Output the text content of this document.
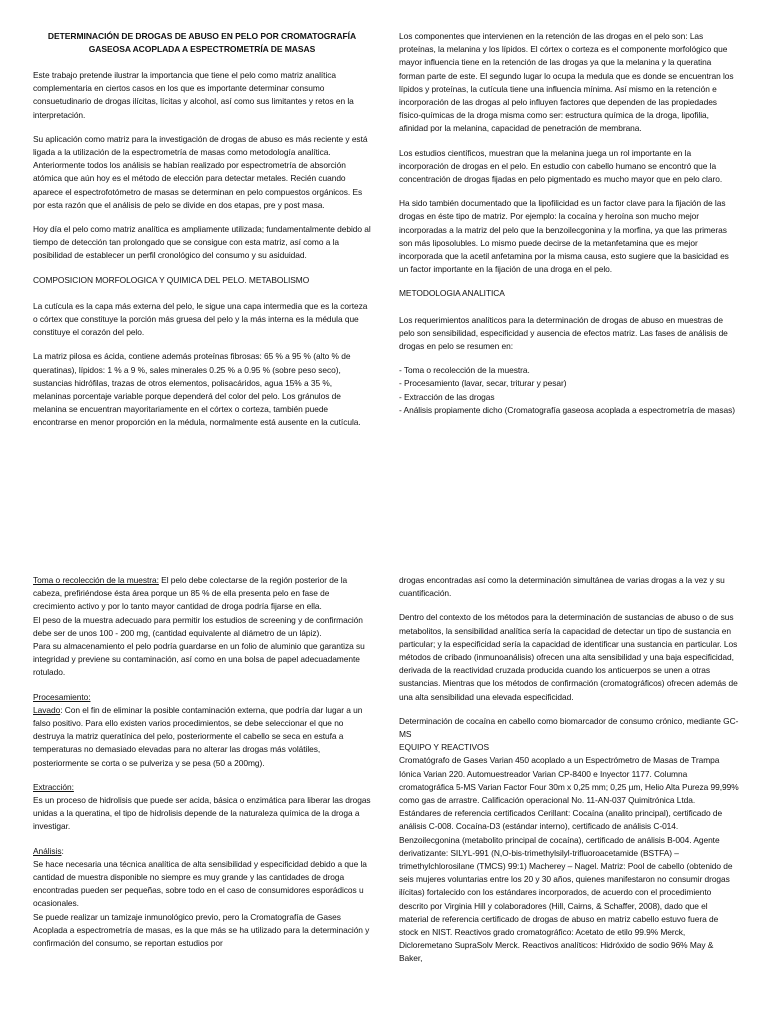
DETERMINACIÓN DE DROGAS DE ABUSO EN PELO POR CROMATOGRAFÍA GASEOSA ACOPLADA A ESPECTROMETRÍA DE MASAS

Este trabajo pretende ilustrar la importancia que tiene el pelo como matriz analítica complementaria en ciertos casos en los que es importante determinar consumo consuetudinario de drogas ilícitas, lícitas y alcohol, así como sus limitantes y retos en la interpretación.

Su aplicación como matriz para la investigación de drogas de abuso es más reciente y está ligada a la utilización de la espectrometría de masas como metodología analítica. Anteriormente todos los análisis se habían realizado por espectrometría de absorción atómica que aún hoy es el método de elección para detectar metales. Recién cuando aparece el espectrofotómetro de masas se determinan en pelo compuestos orgánicos. Es por esta razón que el análisis de pelo se divide en dos etapas, pre y post masa.

Hoy día el pelo como matriz analítica es ampliamente utilizada; fundamentalmente debido al tiempo de detección tan prolongado que se consigue con esta matriz, así como a la posibilidad de establecer un perfil cronológico del consumo y su asiduidad.

COMPOSICION MORFOLOGICA Y QUIMICA DEL PELO. METABOLISMO

La cutícula es la capa más externa del pelo, le sigue una capa intermedia que es la corteza o córtex que constituye la porción más gruesa del pelo y la más interna es la médula que constituye el corazón del pelo.

La matriz pilosa es ácida, contiene además proteínas fibrosas: 65 % a 95 % (alto % de queratinas), lípidos: 1 % a 9 %, sales minerales 0.25 % a 0.95 % (sobre peso seco), sustancias hidrófilas, trazas de otros elementos, polisacáridos, agua 15% a 35 %, melaninas porcentaje variable porque dependerá del color del pelo. Los gránulos de melanina se encuentran mayoritariamente en el córtex o corteza, también puede encontrarse en menor proporción en la médula, normalmente está ausente en la cutícula.

Los componentes que intervienen en la retención de las drogas en el pelo son: Las proteínas, la melanina y los lípidos. El córtex o corteza es el componente morfológico que mayor influencia tiene en la retención de las drogas ya que la melanina y la queratina forman parte de este. El segundo lugar lo ocupa la medula que es donde se encuentran los lípidos y proteínas, la cutícula tiene una influencia mínima. Así mismo en la retención e incorporación de las drogas al pelo influyen factores que dependen de las propiedades físico-químicas de la droga misma como ser: estructura química de la droga, lipofilia, afinidad por la melanina, capacidad de penetración de membrana.

Los estudios científicos, muestran que la melanina juega un rol importante en la incorporación de drogas en el pelo. En estudio con cabello humano se encontró que la concentración de drogas fijadas en pelo pigmentado es mucho mayor que en pelo claro.

Ha sido también documentado que la lipofilicidad es un factor clave para la fijación de las drogas en éste tipo de matriz. Por ejemplo: la cocaína y heroína son mucho mejor incorporadas a la matriz del pelo que la benzoilecgonina y la morfina, ya que las primeras son más liposolubles. Lo mismo puede decirse de la metanfetamina que es mejor incorporada que la acetil anfetamina por la misma causa, esto sugiere que la basicidad es un factor importante en la fijación de una droga en el pelo.

METODOLOGIA ANALITICA

Los requerimientos analíticos para la determinación de drogas de abuso en muestras de pelo son sensibilidad, especificidad y ausencia de efectos matriz. Las fases de análisis de drogas en pelo se resumen en:

- Toma o recolección de la muestra.
- Procesamiento (lavar, secar, triturar y pesar)
- Extracción de las drogas
- Análisis propiamente dicho (Cromatografía gaseosa acoplada a espectrometría de masas)

Toma o recolección de la muestra: El pelo debe colectarse de la región posterior de la cabeza, prefiriéndose ésta área porque un 85 % de ella presenta pelo en fase de crecimiento activo y por lo tanto mayor cantidad de droga podría fijarse en ella.
El peso de la muestra adecuado para permitir los estudios de screening y de confirmación debe ser de unos 100 - 200 mg, (cantidad equivalente al diámetro de un lápiz).
Para su almacenamiento el pelo podría guardarse en un folio de aluminio que garantiza su integridad y previene su contaminación, así como en una bolsa de papel adecuadamente rotulado.

Procesamiento:
Lavado: Con el fin de eliminar la posible contaminación externa, que podría dar lugar a un falso positivo. Para ello existen varios procedimientos, se debe seleccionar el que no destruya la matriz queratínica del pelo, posteriormente el cabello se seca en estufa a temperaturas no demasiado elevadas para no alterar las drogas más volátiles, posteriormente se corta o se pulveriza y se pesa (50 a 200mg).

Extracción:
Es un proceso de hidrolisis que puede ser acida, básica o enzimática para liberar las drogas unidas a la queratina, el tipo de hidrolisis depende de la naturaleza química de la droga a investigar.

Análisis:
Se hace necesaria una técnica analítica de alta sensibilidad y especificidad debido a que la cantidad de muestra disponible no siempre es muy grande y las cantidades de droga encontradas pueden ser pequeñas, sobre todo en el caso de consumidores esporádicos u ocasionales.
Se puede realizar un tamizaje inmunológico previo, pero la Cromatografía de Gases Acoplada a espectrometría de masas, es la que más se ha utilizado para la determinación y confirmación del consumo, se reportan estudios por

drogas encontradas así como la determinación simultánea de varias drogas a la vez y su cuantificación.

Dentro del contexto de los métodos para la determinación de sustancias de abuso o de sus metabolitos, la sensibilidad analítica sería la capacidad de detectar un tipo de sustancia en particular; y la especificidad sería la capacidad de identificar una sustancia en particular. Los métodos de cribado (inmunoanálisis) ofrecen una alta sensibilidad y una baja especificidad, derivada de la reactividad cruzada producida cuando los anticuerpos se unen a otras sustancias. Mientras que los métodos de confirmación (cromatográficos) ofrecen además de una alta sensibilidad una elevada especificidad.

Determinación de cocaína en cabello como biomarcador de consumo crónico, mediante GC-MS
EQUIPO Y REACTIVOS
Cromatógrafo de Gases Varian 450 acoplado a un Espectrómetro de Masas de Trampa Iónica Varian 220. Automuestreador Varian CP-8400 e Inyector 1177. Columna cromatográfica 5-MS Varian Factor Four 30m x 0,25 mm; 0,25 µm, Helio Alta Pureza 99,99% como gas de arrastre. Calificación operacional No. 11-AN-037 Quimitrónica Ltda.
Estándares de referencia certificados Cerillant: Cocaína (analito principal), certificado de análisis C-008. Cocaína-D3 (estándar interno), certificado de análisis C-014. Benzoilecgonina (metabolito principal de cocaína), certificado de análisis B-004. Agente derivatizante: SILYL-991 (N,O-bis-trimethylsilyl-trifluoroacetamide (BSTFA) – trimethylchlorosilane (TMCS) 99:1) Macherey – Nagel. Matriz: Pool de cabello (obtenido de seis mujeres voluntarias entre los 20 y 30 años, quienes manifestaron no consumir drogas ilícitas) fortalecido con los estándares incorporados, de acuerdo con el procedimiento descrito por Virginia Hill y colaboradores (Hill, Cairns, & Schaffer, 2008), dado que el material de referencia certificado de drogas de abuso en matriz cabello estuvo fuera de stock en NIST. Reactivos grado cromatográfico: Acetato de etilo 99.9% Merck, Dicloremetano SupraSolv Merck. Reactivos analíticos: Hidróxido de sodio 96% May & Baker,
